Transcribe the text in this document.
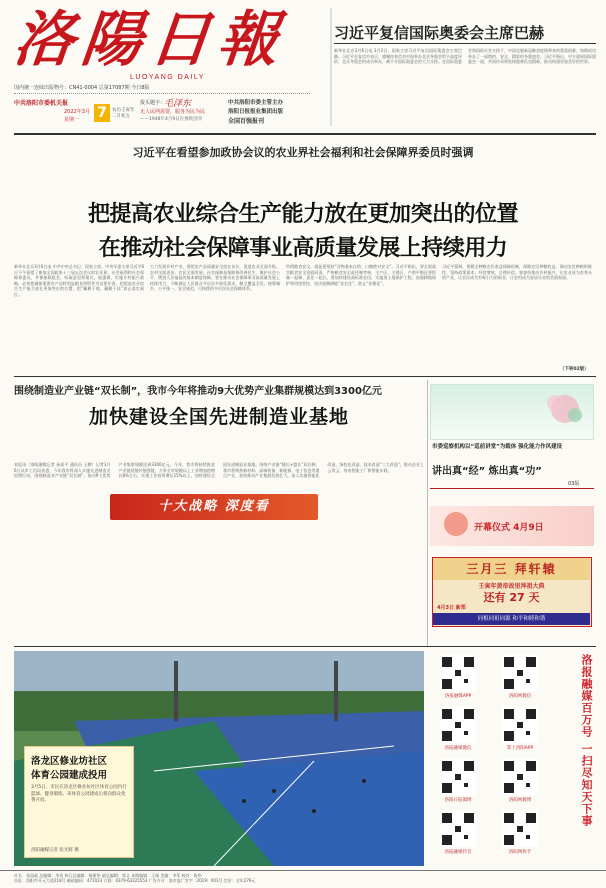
洛陽日報
LUOYANG DAILY
国内统一连续出版物号：CN41-0004 总第17087期 今日8版
中共洛阳市委机关报
2022年3月 7
星期一
农历壬寅年 二月初五
报头题字：
毛泽东
无人民网需要，服务为民为民
——1948年4月9日在豫陕创刊
中共洛阳市委主管主办
洛阳日报报业集团出版
全国百强报刊
习近平复信国际奥委会主席巴赫
新华社北京3月6日电 3月2日，国家主席习近平复信国际奥委会主席巴赫。习近平在复信中表示，感谢你来信对中国举办北京冬奥会给予高度评价，北京冬奥会的成功举办，离不开国际奥委会的大力支持。在国际奥委会和国际社会支持下，中国克服新冠肺炎疫情带来的重重困难，如期成功举办了一届简约、安全、精彩的冬奥盛会。习近平指出，中方愿同国际奥委会一道，共同传承和发扬奥林匹克精神，推动构建更加美好的世界。
习近平在看望参加政协会议的农业界社会福利和社会保障界委员时强调
把提高农业综合生产能力放在更加突出的位置
在推动社会保障事业高质量发展上持续用力
新华社北京3月6日电 中共中央总书记、国家主席、中央军委主席习近平6日下午看望了参加全国政协十三届五次会议的农业界、社会福利和社会保障界委员，并参加联组会，听取意见和建议。他强调，实施乡村振兴战略，必须把确保重要农产品特别是粮食供给作为首要任务，把提高农业综合生产能力放在更加突出的位置，把“藏粮于地、藏粮于技”真正落实到位。
大力发展乡村产业，要把农产品质量安全放在首位，促进农业全面升级、农村全面进步、农民全面发展。社会保障是保障和改善民生、维护社会公平、增进人民福祉的基本制度保障，要在推动社会保障事业高质量发展上持续用力，不断满足人民群众多层次多样化需求，健全覆盖全民、统筹城乡、公平统一、安全规范、可持续的多层次社会保障体系。
所谓粮食安全，就是要坚持“谷物基本自给、口粮绝对安全”。习近平指出，要全面落实粮食安全党政同责，严格粮食安全责任制考核，主产区、主销区、产销平衡区要饭碗一起端、责任一起扛。要加快建设高标准农田，实施黑土地保护工程，加强耕地保护和用途管控，坚决遏制耕地“非农化”、防止“非粮化”。
习近平强调，要健全种粮农民收益保障机制，保障农民种粮收益，调动农民种粮积极性，坚持政策保本、经营增效、合理补偿。要加快推动乡村振兴，让农业成为有奔头的产业，让农民成为有吸引力的职业，让农村成为安居乐业的美丽家园。
（下转02版）
围绕制造业产业链“双长制”，我市今年将推动9大优势产业集群规模达到3300亿元
加快建设全国先进制造业基地
本报讯（洛阳融媒记者 孙高平 通讯员 王鹏）记者3月6日从市工信局获悉，今年我市将深入实施先进制造业倍增行动，围绕制造业产业链“双长制”，推动9大优势产业集群规模达到3300亿元。今年，我市将持续推进产业链延链补链强链，力争全市规模以上工业增加值增长8%左右，实现工业投资增长15%以上，加快建设全国先进制造业基地。围绕产业链“链长+盟长”双长制，我市将聚焦新材料、高端装备、新能源、电子信息等重点产业，加快推动产业集群发展壮大。深入实施智能化改造、绿色化改造、技术改造“三大改造”，推动企业上云用云，培育智能工厂和智能车间。
十大战略 深度看
市委巡察机构以“巡前讲堂”为载体 强化能力作风建设
讲出真“经” 炼出真“功”
03版
开幕仪式 4月9日
三月三 拜轩辕
壬寅年黄帝故里拜祖大典
还有 27 天
4月3日 新郑
同根同祖同源 和平和睦和谐
洛龙区修业坊社区
体育公园建成投用
3月5日，市民在洛龙区修业坊社区体育公园内打篮球、健身锻炼。该体育公园建成后将向群众免费开放。
洛阳融媒记者 张光辉 摄
洛报融媒APP	洛阳网微信
洛报融媒微信	掌上洛阳APP
洛阳日报微博	洛阳网微博
洛报融媒抖音	洛阳网快手
洛报融媒百万号 一扫尽知天下事
社长：张国政 总编辑：李英 执行总编辑：杨建华 副总编辑：郑义 本期编辑：王刚 美编：李军 校对：陈华
社址：洛阳市开元大道218号 邮政编码：471023 订阅：0379-63325553 广告许可：洛市监广发字〔2019〕001号 定价：全年276元
